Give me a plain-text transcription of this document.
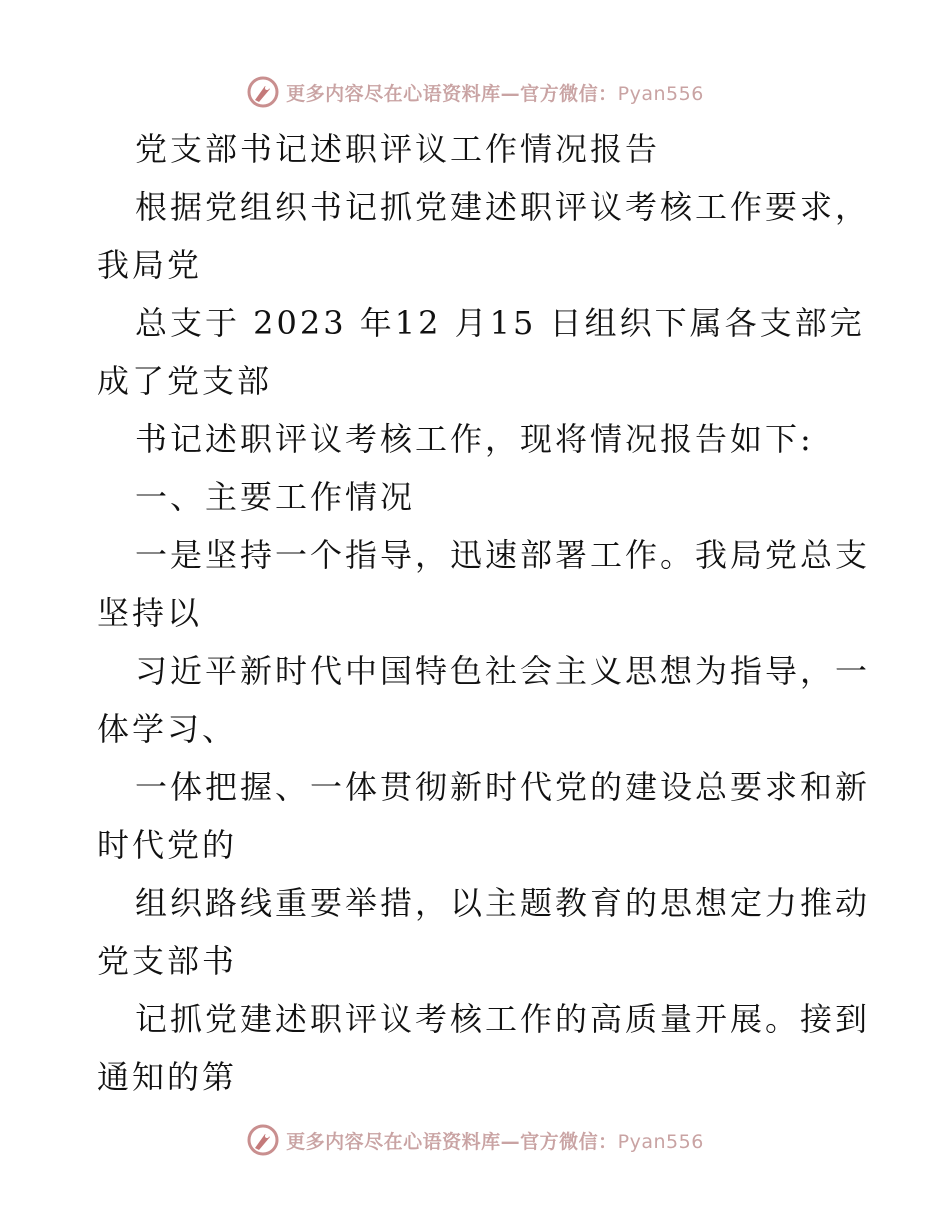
更多内容尽在心语资料库—官方微信：Pyan556

党支部书记述职评议工作情况报告

根据党组织书记抓党建述职评议考核工作要求，
我局党

总支于 2023 年12 月15 日组织下属各支部完
成了党支部

书记述职评议考核工作，现将情况报告如下:

一、主要工作情况

一是坚持一个指导，迅速部署工作。我局党总支
坚持以

习近平新时代中国特色社会主义思想为指导，一
体学习、

一体把握、一体贯彻新时代党的建设总要求和新
时代党的

组织路线重要举措，以主题教育的思想定力推动
党支部书

记抓党建述职评议考核工作的高质量开展。接到
通知的第

更多内容尽在心语资料库—官方微信：Pyan556
